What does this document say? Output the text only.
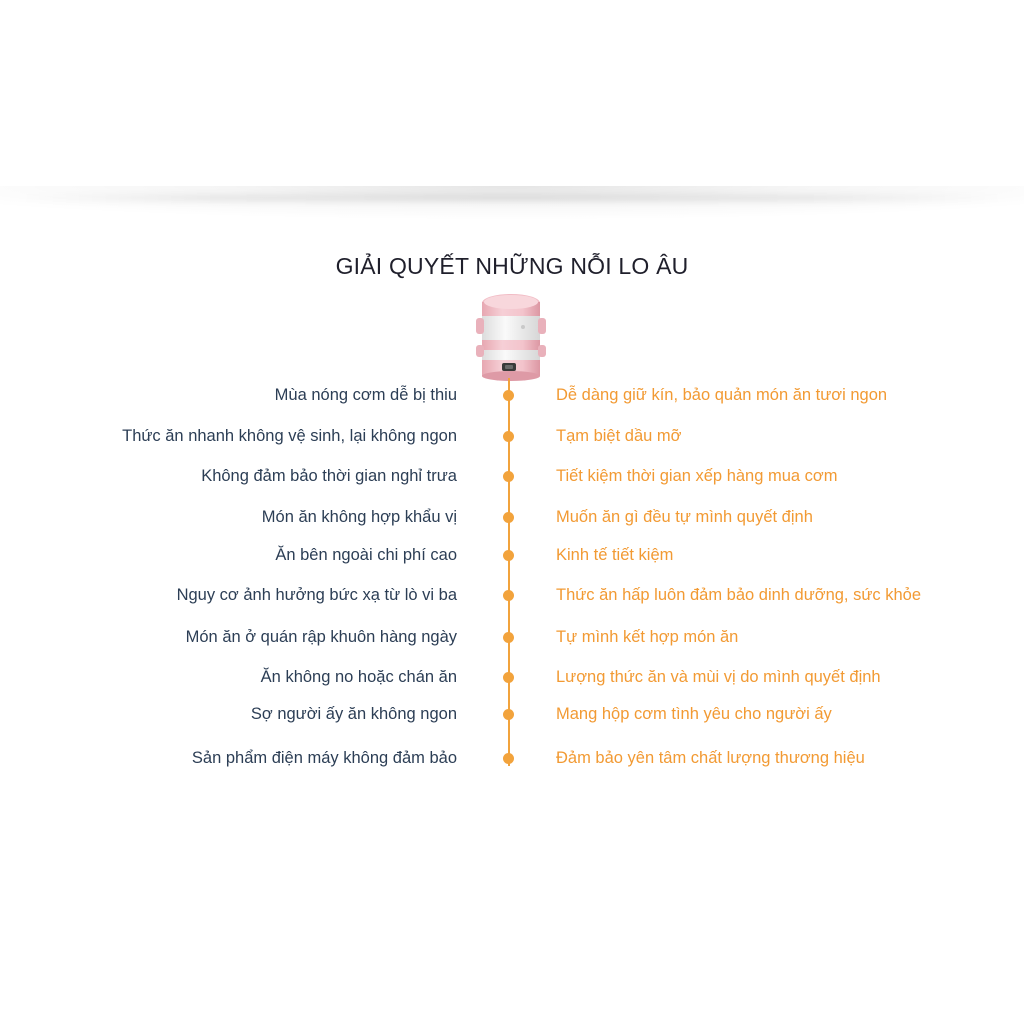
GIẢI QUYẾT NHỮNG NỖI LO ÂU
Mùa nóng cơm dễ bị thiu	Dễ dàng giữ kín, bảo quản món ăn tươi ngon
Thức ăn nhanh không vệ sinh, lại không ngon	Tạm biệt dầu mỡ
Không đảm bảo thời gian nghỉ trưa	Tiết kiệm thời gian xếp hàng mua cơm
Món ăn không hợp khẩu vị	Muốn ăn gì đều tự mình quyết định
Ăn bên ngoài chi phí cao	Kinh tế tiết kiệm
Nguy cơ ảnh hưởng bức xạ từ lò vi ba	Thức ăn hấp luôn đảm bảo dinh dưỡng, sức khỏe
Món ăn ở quán rập khuôn hàng ngày	Tự mình kết hợp món ăn
Ăn không no hoặc chán ăn	Lượng thức ăn và mùi vị do mình quyết định
Sợ người ấy ăn không ngon	Mang hộp cơm tình yêu cho người ấy
Sản phẩm điện máy không đảm bảo	Đảm bảo yên tâm chất lượng thương hiệu
